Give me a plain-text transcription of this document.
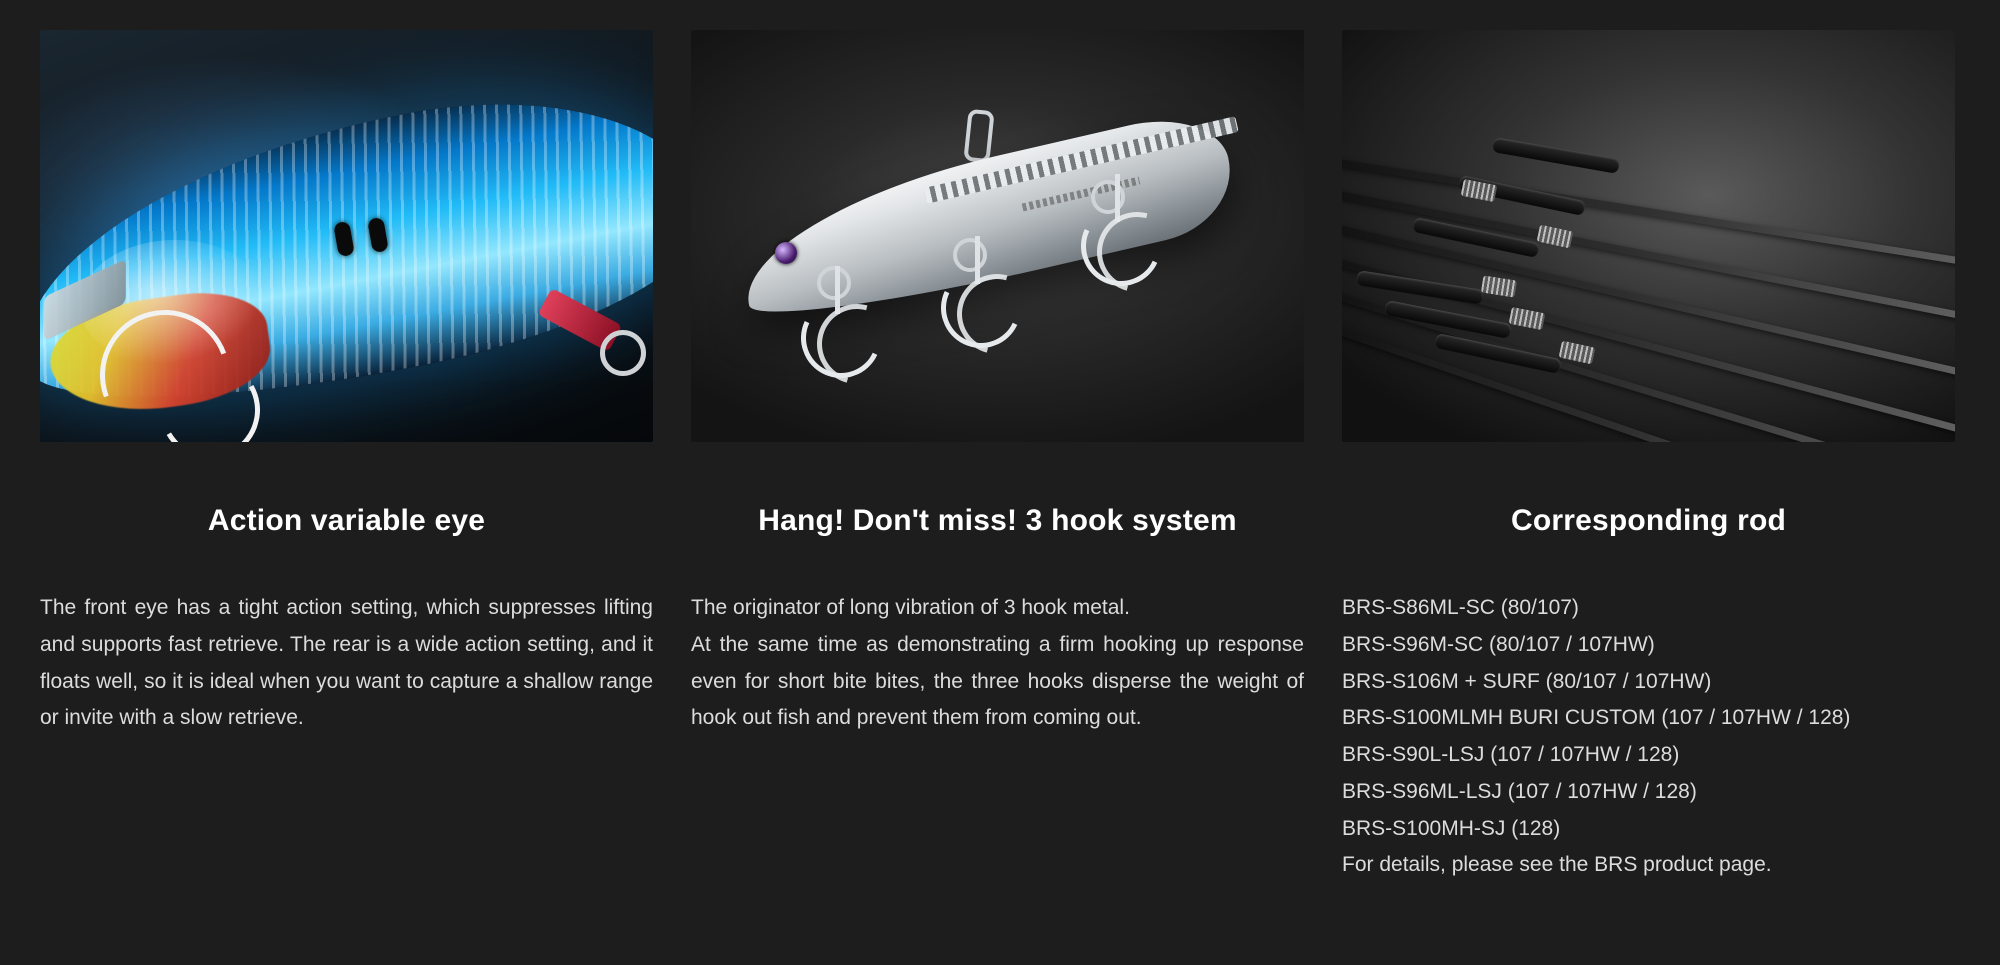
Action variable eye

The front eye has a tight action setting, which suppresses lifting and supports fast retrieve. The rear is a wide action setting, and it floats well, so it is ideal when you want to capture a shallow range or invite with a slow retrieve.

Hang! Don't miss! 3 hook system

The originator of long vibration of 3 hook metal.

At the same time as demonstrating a firm hooking up response even for short bite bites, the three hooks disperse the weight of hook out fish and prevent them from coming out.

Corresponding rod
BRS-S86ML-SC (80/107)
BRS-S96M-SC (80/107 / 107HW)
BRS-S106M + SURF (80/107 / 107HW)
BRS-S100MLMH BURI CUSTOM (107 / 107HW / 128)
BRS-S90L-LSJ (107 / 107HW / 128)
BRS-S96ML-LSJ (107 / 107HW / 128)
BRS-S100MH-SJ (128)
For details, please see the BRS product page.
